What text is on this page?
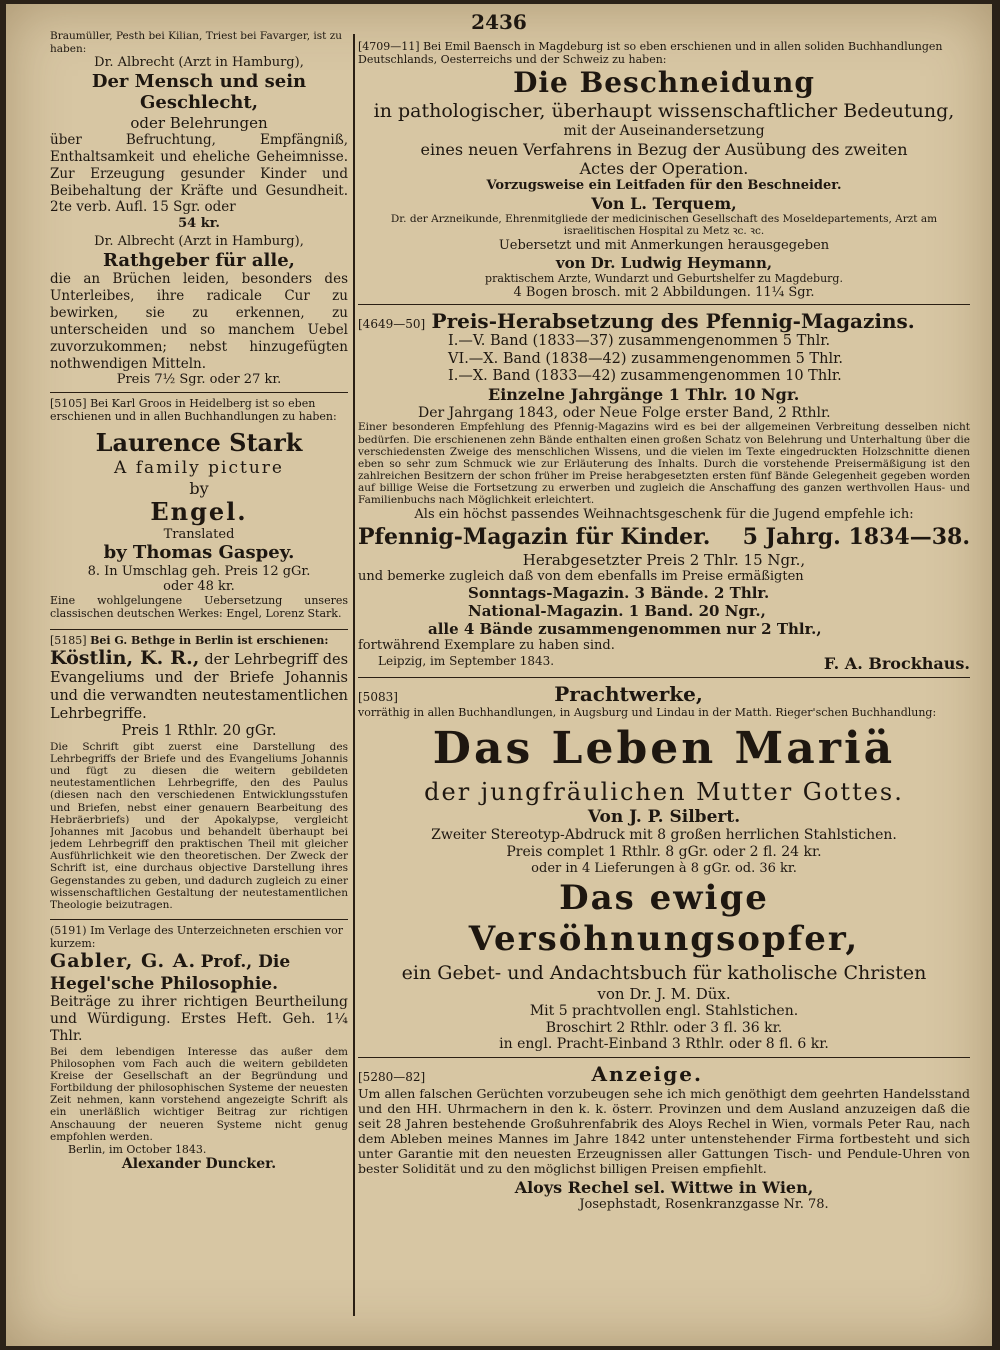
2436

Braumüller, Pesth bei Kilian, Triest bei Favarger, ist zu haben:

Dr. Albrecht (Arzt in Hamburg),

Der Mensch und sein Geschlecht,

oder Belehrungen

über Befruchtung, Empfängniß, Enthaltsamkeit und eheliche Geheimnisse. Zur Erzeugung gesunder Kinder und Beibehaltung der Kräfte und Gesundheit. 2te verb. Aufl. 15 Sgr. oder

54 kr.

Dr. Albrecht (Arzt in Hamburg),

Rathgeber für alle,

die an Brüchen leiden, besonders des Unterleibes, ihre radicale Cur zu bewirken, sie zu erkennen, zu unterscheiden und so manchem Uebel zuvorzukommen; nebst hinzugefügten nothwendigen Mitteln.

Preis 7½ Sgr. oder 27 kr.

[5105] Bei Karl Groos in Heidelberg ist so eben erschienen und in allen Buchhandlungen zu haben:

Laurence Stark

A family picture

by

Engel.

Translated

by Thomas Gaspey.

8. In Umschlag geh. Preis 12 gGr.

oder 48 kr.

Eine wohlgelungene Uebersetzung unseres classischen deutschen Werkes: Engel, Lorenz Stark.

[5185] Bei G. Bethge in Berlin ist erschienen:

Köstlin, K. R., der Lehrbegriff des Evangeliums und der Briefe Johannis und die verwandten neutestamentlichen Lehrbegriffe.

Preis 1 Rthlr. 20 gGr.

Die Schrift gibt zuerst eine Darstellung des Lehrbegriffs der Briefe und des Evangeliums Johannis und fügt zu diesen die weitern gebildeten neutestamentlichen Lehrbegriffe, den des Paulus (diesen nach den verschiedenen Entwicklungsstufen und Briefen, nebst einer genauern Bearbeitung des Hebräerbriefs) und der Apokalypse, vergleicht Johannes mit Jacobus und behandelt überhaupt bei jedem Lehrbegriff den praktischen Theil mit gleicher Ausführlichkeit wie den theoretischen. Der Zweck der Schrift ist, eine durchaus objective Darstellung ihres Gegenstandes zu geben, und dadurch zugleich zu einer wissenschaftlichen Gestaltung der neutestamentlichen Theologie beizutragen.

(5191) Im Verlage des Unterzeichneten erschien vor kurzem:

Gabler, G. A. Prof., Die Hegel'sche Philosophie.

Beiträge zu ihrer richtigen Beurtheilung und Würdigung. Erstes Heft. Geh. 1¼ Thlr.

Bei dem lebendigen Interesse das außer dem Philosophen vom Fach auch die weitern gebildeten Kreise der Gesellschaft an der Begründung und Fortbildung der philosophischen Systeme der neuesten Zeit nehmen, kann vorstehend angezeigte Schrift als ein unerläßlich wichtiger Beitrag zur richtigen Anschauung der neueren Systeme nicht genug empfohlen werden.

Berlin, im October 1843.

Alexander Duncker.

[4709—11] Bei Emil Baensch in Magdeburg ist so eben erschienen und in allen soliden Buchhandlungen Deutschlands, Oesterreichs und der Schweiz zu haben:

Die Beschneidung

in pathologischer, überhaupt wissenschaftlicher Bedeutung,

mit der Auseinandersetzung

eines neuen Verfahrens in Bezug der Ausübung des zweiten

Actes der Operation.

Vorzugsweise ein Leitfaden für den Beschneider.

Von L. Terquem,

Dr. der Arzneikunde, Ehrenmitgliede der medicinischen Gesellschaft des Moseldepartements, Arzt am israelitischen Hospital zu Metz ꝛc. ꝛc.

Uebersetzt und mit Anmerkungen herausgegeben

von Dr. Ludwig Heymann,

praktischem Arzte, Wundarzt und Geburtshelfer zu Magdeburg.

4 Bogen brosch. mit 2 Abbildungen. 11¼ Sgr.

[4649—50] Preis-Herabsetzung des Pfennig-Magazins.

I.—V. Band (1833—37) zusammengenommen 5 Thlr.

VI.—X. Band (1838—42) zusammengenommen 5 Thlr.

I.—X. Band (1833—42) zusammengenommen 10 Thlr.

Einzelne Jahrgänge 1 Thlr. 10 Ngr.

Der Jahrgang 1843, oder Neue Folge erster Band, 2 Rthlr.

Einer besonderen Empfehlung des Pfennig-Magazins wird es bei der allgemeinen Verbreitung desselben nicht bedürfen. Die erschienenen zehn Bände enthalten einen großen Schatz von Belehrung und Unterhaltung über die verschiedensten Zweige des menschlichen Wissens, und die vielen im Texte eingedruckten Holzschnitte dienen eben so sehr zum Schmuck wie zur Erläuterung des Inhalts. Durch die vorstehende Preisermäßigung ist den zahlreichen Besitzern der schon früher im Preise herabgesetzten ersten fünf Bände Gelegenheit gegeben worden auf billige Weise die Fortsetzung zu erwerben und zugleich die Anschaffung des ganzen werthvollen Haus- und Familienbuchs nach Möglichkeit erleichtert.

Als ein höchst passendes Weihnachtsgeschenk für die Jugend empfehle ich:

Pfennig-Magazin für Kinder. 5 Jahrg. 1834—38.

Herabgesetzter Preis 2 Thlr. 15 Ngr.,

und bemerke zugleich daß von dem ebenfalls im Preise ermäßigten

Sonntags-Magazin. 3 Bände. 2 Thlr.

National-Magazin. 1 Band. 20 Ngr.,

alle 4 Bände zusammengenommen nur 2 Thlr.,

fortwährend Exemplare zu haben sind.

Leipzig, im September 1843.	F. A. Brockhaus.

[5083]	Prachtwerke,

vorräthig in allen Buchhandlungen, in Augsburg und Lindau in der Matth. Rieger'schen Buchhandlung:

Das Leben Mariä

der jungfräulichen Mutter Gottes.

Von J. P. Silbert.

Zweiter Stereotyp-Abdruck mit 8 großen herrlichen Stahlstichen.

Preis complet 1 Rthlr. 8 gGr. oder 2 fl. 24 kr.

oder in 4 Lieferungen à 8 gGr. od. 36 kr.

Das ewige Versöhnungsopfer,

ein Gebet- und Andachtsbuch für katholische Christen

von Dr. J. M. Düx.

Mit 5 prachtvollen engl. Stahlstichen.

Broschirt 2 Rthlr. oder 3 fl. 36 kr.

in engl. Pracht-Einband 3 Rthlr. oder 8 fl. 6 kr.

[5280—82]	Anzeige.

Um allen falschen Gerüchten vorzubeugen sehe ich mich genöthigt dem geehrten Handelsstand und den HH. Uhrmachern in den k. k. österr. Provinzen und dem Ausland anzuzeigen daß die seit 28 Jahren bestehende Großuhrenfabrik des Aloys Rechel in Wien, vormals Peter Rau, nach dem Ableben meines Mannes im Jahre 1842 unter untenstehender Firma fortbesteht und sich unter Garantie mit den neuesten Erzeugnissen aller Gattungen Tisch- und Pendule-Uhren von bester Solidität und zu den möglichst billigen Preisen empfiehlt.

Aloys Rechel sel. Wittwe in Wien,

Josephstadt, Rosenkranzgasse Nr. 78.
